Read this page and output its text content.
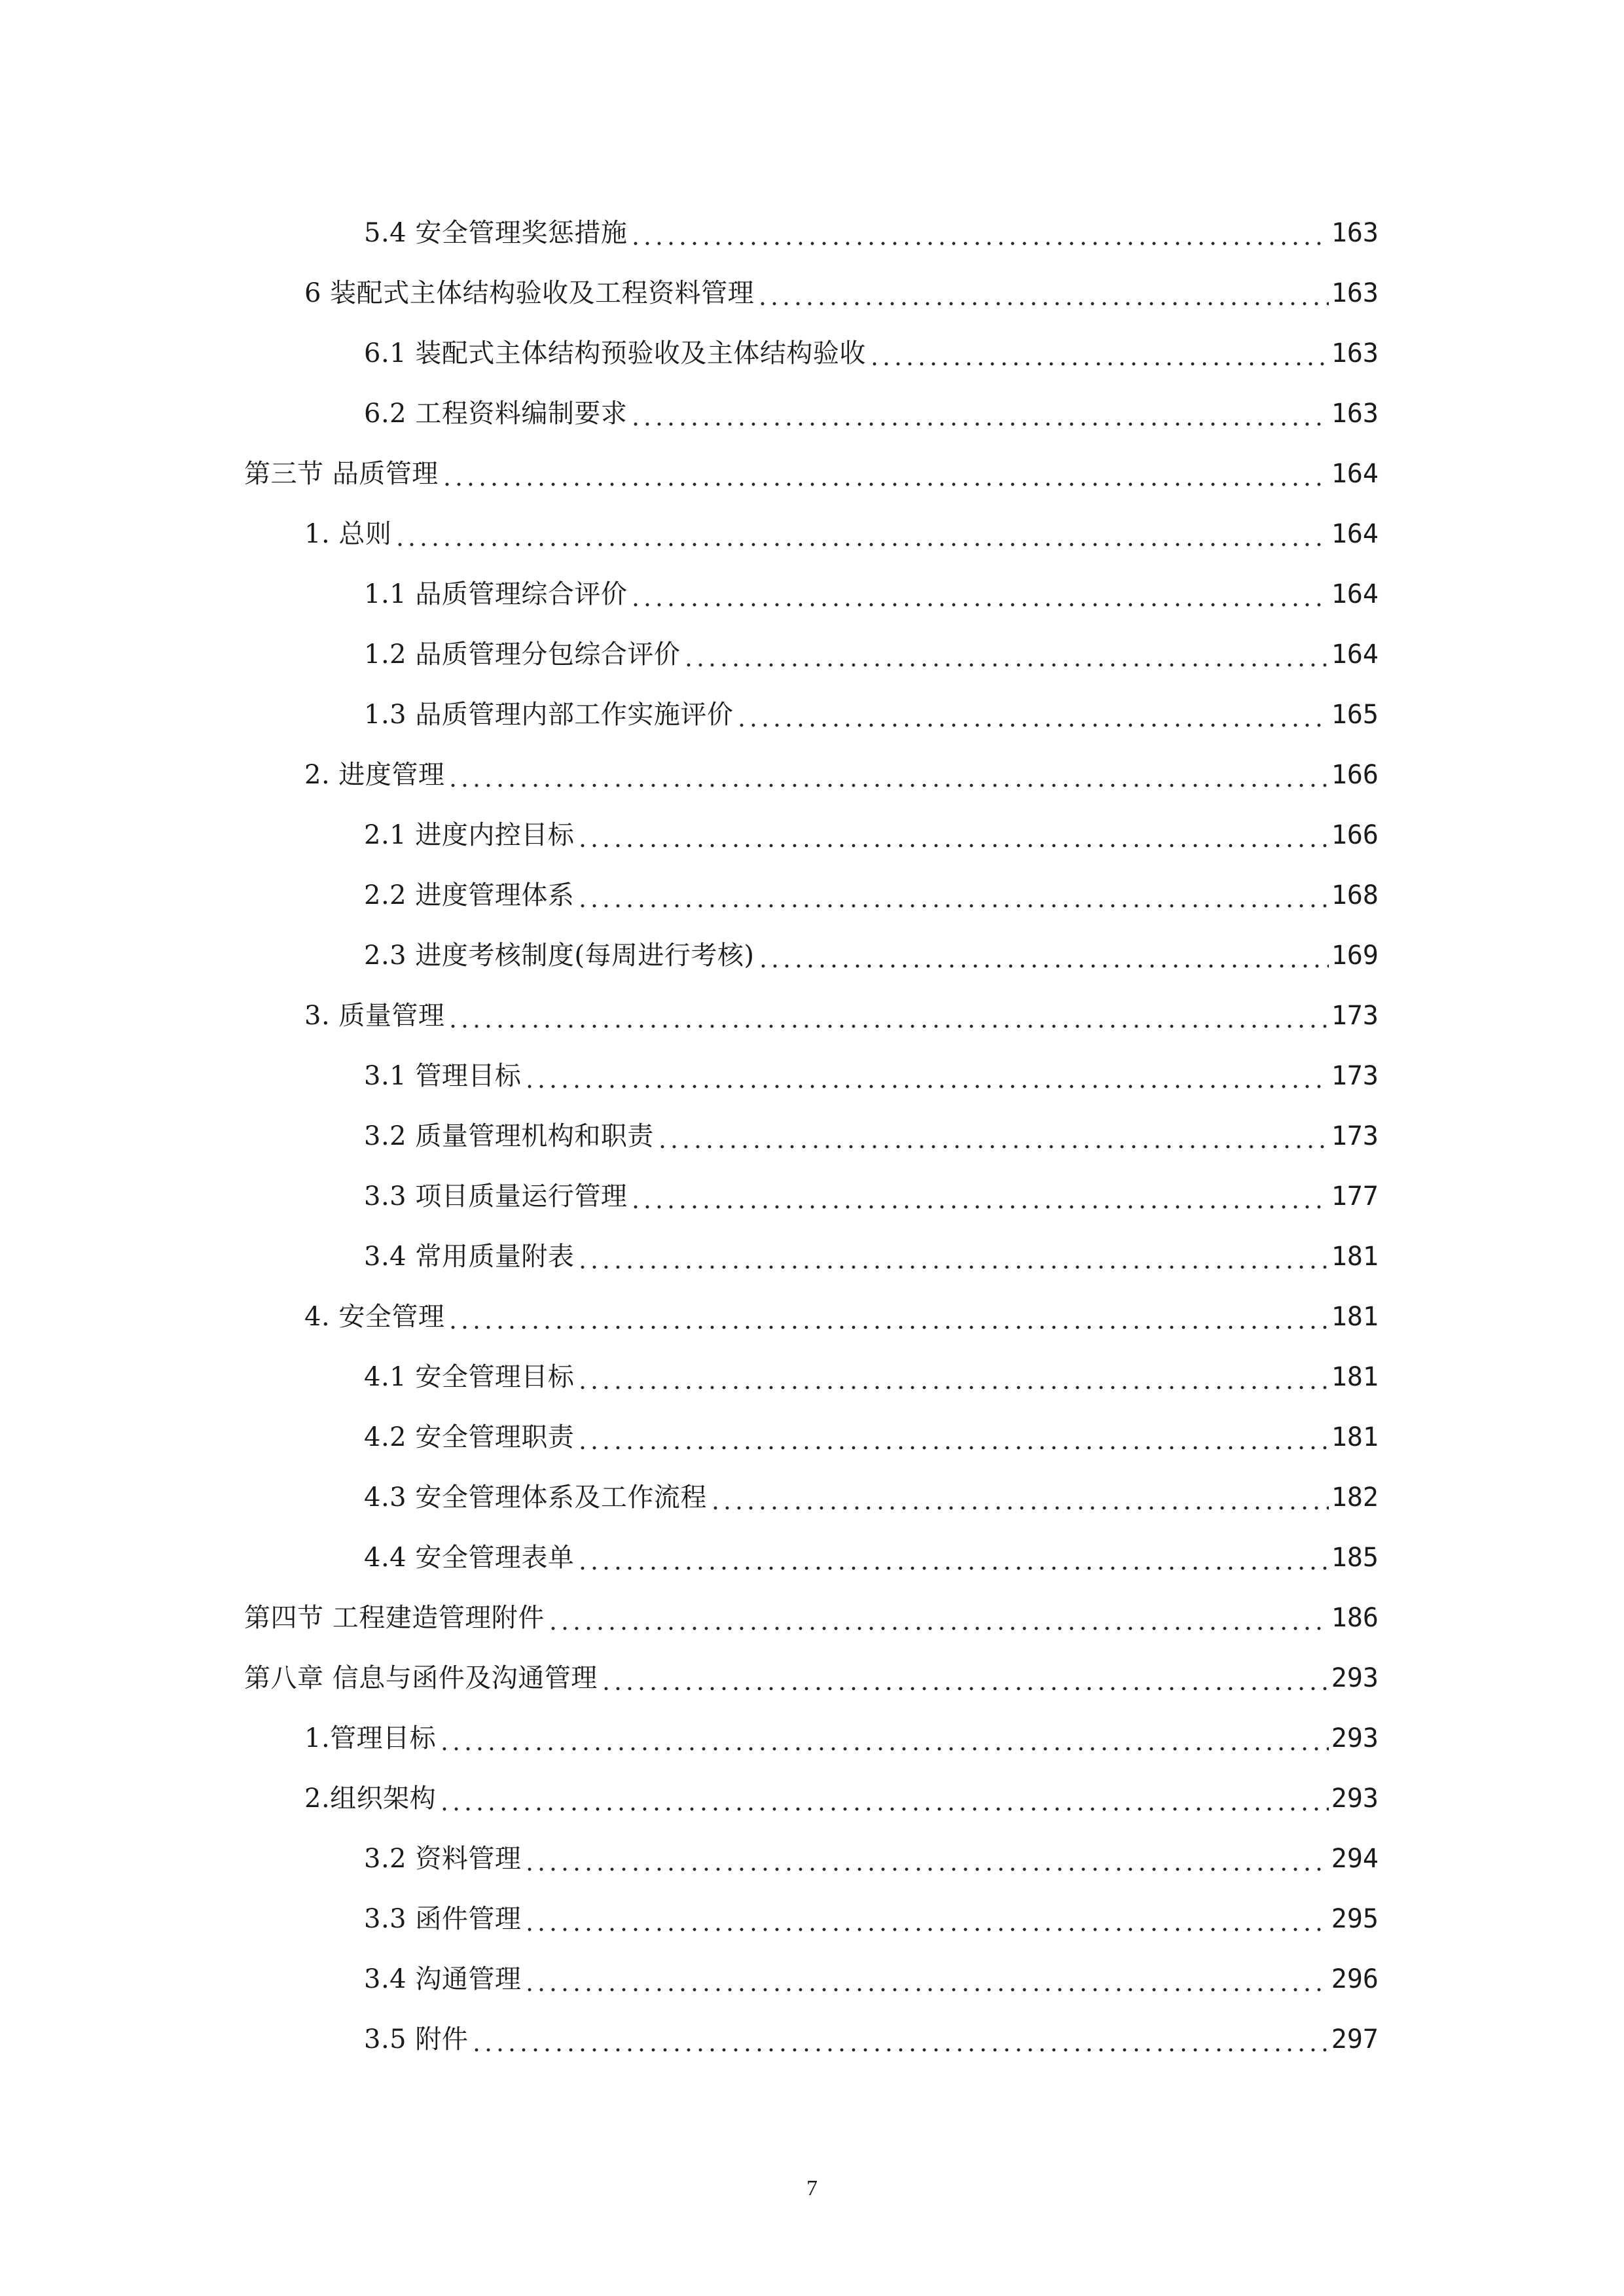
5.4 安全管理奖惩措施	163
6 装配式主体结构验收及工程资料管理	163
6.1 装配式主体结构预验收及主体结构验收	163
6.2 工程资料编制要求	163
第三节 品质管理	164
1. 总则	164
1.1 品质管理综合评价	164
1.2 品质管理分包综合评价	164
1.3 品质管理内部工作实施评价	165
2. 进度管理	166
2.1 进度内控目标	166
2.2 进度管理体系	168
2.3 进度考核制度(每周进行考核)	169
3. 质量管理	173
3.1 管理目标	173
3.2 质量管理机构和职责	173
3.3 项目质量运行管理	177
3.4 常用质量附表	181
4. 安全管理	181
4.1 安全管理目标	181
4.2 安全管理职责	181
4.3 安全管理体系及工作流程	182
4.4 安全管理表单	185
第四节 工程建造管理附件	186
第八章 信息与函件及沟通管理	293
1.管理目标	293
2.组织架构	293
3.2 资料管理	294
3.3 函件管理	295
3.4 沟通管理	296
3.5 附件	297
7
